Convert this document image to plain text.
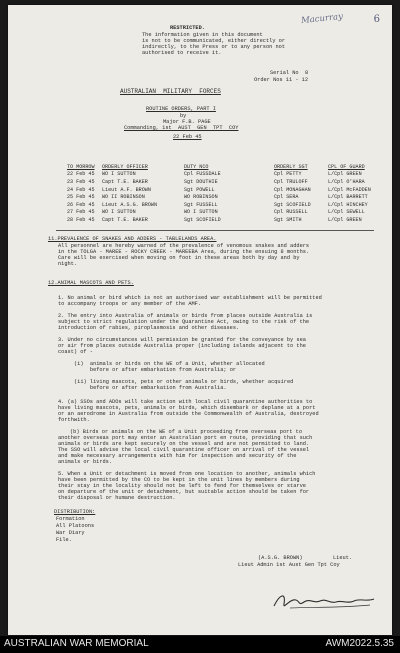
Macurray	6
RESTRICTED.
The information given in this document
is not to be communicated, either directly or
indirectly, to the Press or to any person not
authorised to receive it.
Serial No  8
Order Nos 11 - 12
AUSTRALIAN  MILITARY  FORCES
ROUTINE ORDERS, PART I
by
Major F.B. PAGE
Commanding, 1st  AUST  GEN  TPT  COY
22 Feb 45
TO MORROW	ORDERLY OFFICER	DUTY NCO	ORDERLY SGT	CPL OF GUARD
22 Feb 45	WO I SUTTON	Cpl FUSSDALE	Cpl PETTY	L/Cpl GREEN
23 Feb 45	Capt T.E. BAKER	Sgt DOUTHIE	Cpl TRULOFF	L/Cpl O'HARA
24 Feb 45	Lieut A.F. BROWN	Sgt POWELL	Cpl MONAGHAN	L/Cpl McFADDEN
25 Feb 45	WO II ROBINSON	WO ROBINSON	Cpl SERA	L/Cpl BARRETT
26 Feb 45	Lieut A.S.G. BROWN	Sgt FUSSELL	Sgt SCOFIELD	L/Cpl HINCHEY
27 Feb 45	WO I SUTTON	WO I SUTTON	Cpl RUSSELL	L/Cpl SEWELL
28 Feb 45	Capt T.E. BAKER	Sgt SCOFIELD	Sgt SMITH	L/Cpl GREEN
11.PREVALENCE OF SNAKES AND ADDERS - TABLELANDS AREA.
All personnel are hereby warned of the prevalence of venomous snakes and adders
in the TOLGA - MAREE - ROCKY CREEK - MAREEBA Area, during the ensuing 8 months.
Care will be exercised when moving on foot in these areas both by day and by
night.
12.ANIMAL MASCOTS AND PETS.
1. No animal or bird which is not an authorised war establishment will be permitted
to accompany troops or any member of the AMF.
2. The entry into Australia of animals or birds from places outside Australia is
subject to strict regulation under the Quarantine Act, owing to the risk of the
introduction of rabies, piroplasmosis and other diseases.
3. Under no circumstances will permission be granted for the conveyance by sea
or air from places outside Australia proper (including islands adjacent to the
coast) of -
(i)  animals or birds on the WE of a Unit, whether allocated
before or after embarkation from Australia; or
(ii) living mascots, pets or other animals or birds, whether acquired
before or after embarkation from Australia.
4. (a) SSOs and ADOs will take action with local civil quarantine authorities to
have living mascots, pets, animals or birds, which disembark or deplane at a port
or an aerodrome in Australia from outside the Commonwealth of Australia, destroyed
forthwith.
(b) Birds or animals on the WE of a Unit proceeding from overseas port to
another overseas port may enter an Australian port en route, providing that such
animals or birds are kept securely on the vessel and are not permitted to land.
The SSO will advise the local civil quarantine officer on arrival of the vessel
and make necessary arrangements with him for inspection and security of the
animals or birds.
5. When a Unit or detachment is moved from one location to another, animals which
have been permitted by the CO to be kept in the unit lines by members during
their stay in the locality should not be left to fend for themselves or starve
on departure of the unit or detachment, but suitable action should be taken for
their disposal or humane destruction.
DISTRIBUTION:
Formation
All Platoons
War Diary
File.
(A.S.G. BROWN)	Lieut.
Lieut Admin 1st Aust Gen Tpt Coy
AUSTRALIAN WAR MEMORIAL	AWM2022.5.35
